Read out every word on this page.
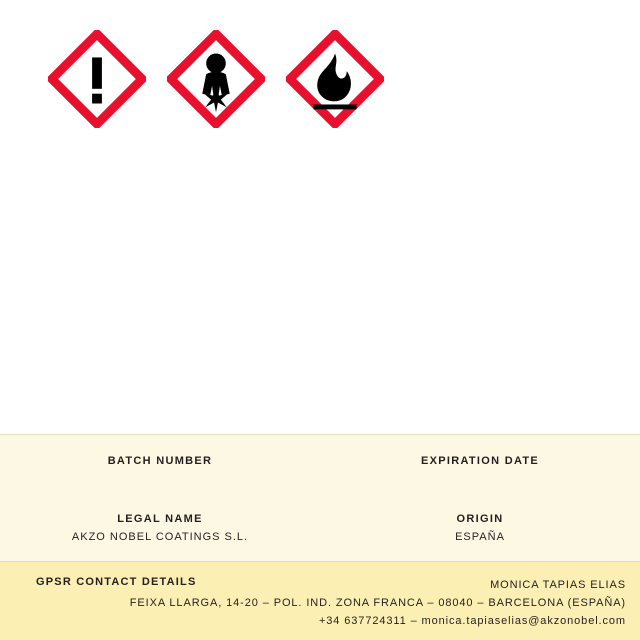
BATCH NUMBER	EXPIRATION DATE
LEGAL NAME
AKZO NOBEL COATINGS S.L.
ORIGIN
ESPAÑA
GPSR CONTACT DETAILS	MONICA TAPIAS ELIAS
FEIXA LLARGA, 14-20 – POL. IND. ZONA FRANCA – 08040 – BARCELONA (ESPAÑA)
+34 637724311 – monica.tapiaselias@akzonobel.com
